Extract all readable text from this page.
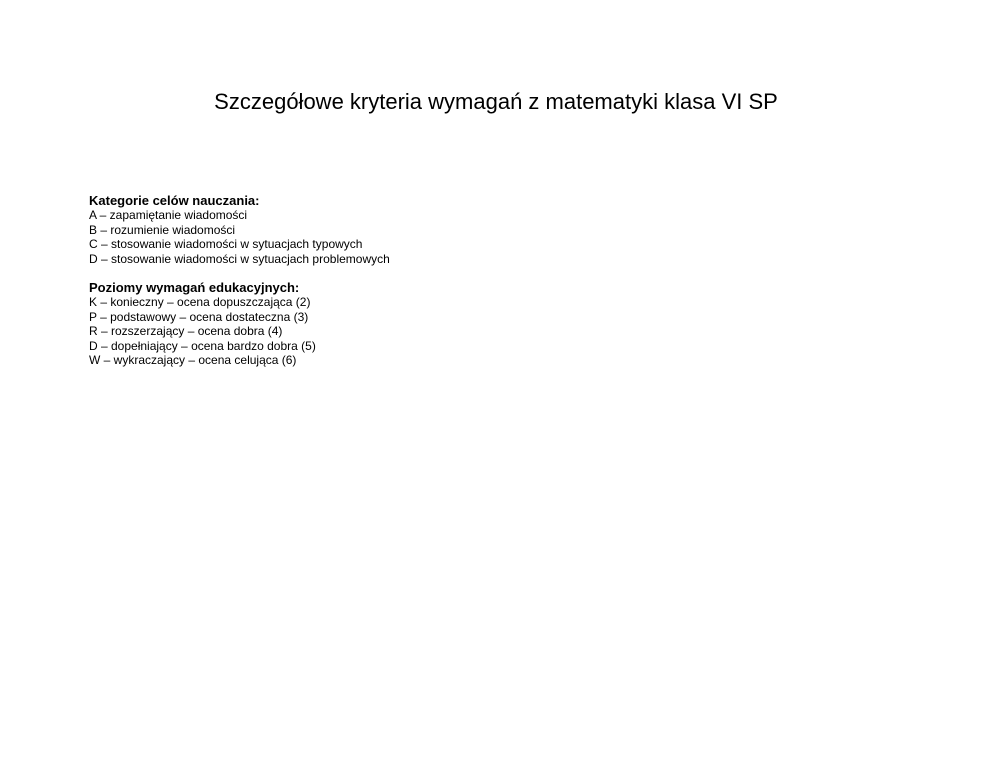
Szczegółowe kryteria wymagań z matematyki klasa VI SP

Kategorie celów nauczania:

A – zapamiętanie wiadomości
B – rozumienie wiadomości
C – stosowanie wiadomości w sytuacjach typowych
D – stosowanie wiadomości w sytuacjach problemowych

Poziomy wymagań edukacyjnych:

K – konieczny – ocena dopuszczająca (2)
P – podstawowy – ocena dostateczna (3)
R – rozszerzający – ocena dobra (4)
D – dopełniający – ocena bardzo dobra (5)
W – wykraczający – ocena celująca (6)
